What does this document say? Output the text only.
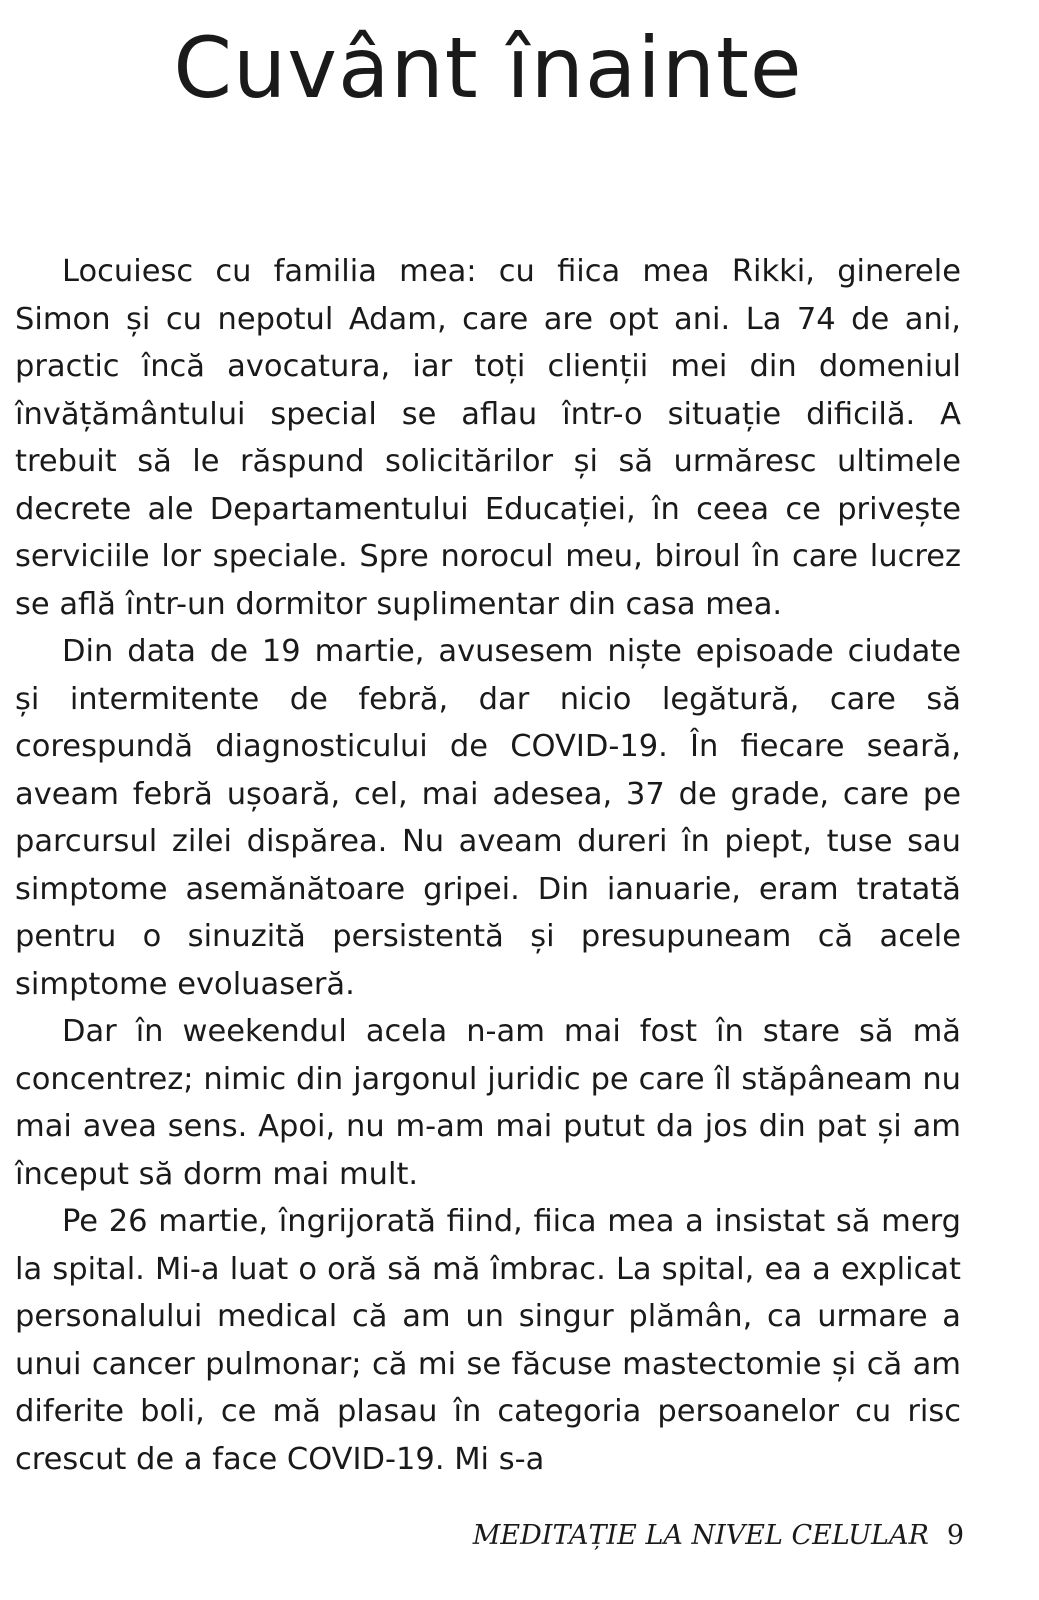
Cuvânt înainte

Locuiesc cu familia mea: cu fiica mea Rikki, ginerele Simon și cu nepotul Adam, care are opt ani. La 74 de ani, practic încă avocatura, iar toți clienții mei din domeniul învățământului special se aflau într-o situație dificilă. A trebuit să le răspund solicitărilor și să urmăresc ultimele decrete ale Departamentului Educației, în ceea ce privește serviciile lor speciale. Spre norocul meu, biroul în care lucrez se află într-un dormitor suplimentar din casa mea.

Din data de 19 martie, avusesem niște episoade ciudate și intermitente de febră, dar nicio legătură, care să corespundă diagnosticului de COVID-19. În fiecare seară, aveam febră ușoară, cel, mai adesea, 37 de grade, care pe parcursul zilei dispărea. Nu aveam dureri în piept, tuse sau simptome asemănătoare gripei. Din ianuarie, eram tratată pentru o sinuzită persistentă și presupuneam că acele simptome evoluaseră.

Dar în weekendul acela n-am mai fost în stare să mă concentrez; nimic din jargonul juridic pe care îl stăpâneam nu mai avea sens. Apoi, nu m-am mai putut da jos din pat și am început să dorm mai mult.

Pe 26 martie, îngrijorată fiind, fiica mea a insistat să merg la spital. Mi-a luat o oră să mă îmbrac. La spital, ea a explicat personalului medical că am un singur plămân, ca urmare a unui cancer pulmonar; că mi se făcuse mastectomie și că am diferite boli, ce mă plasau în categoria persoanelor cu risc crescut de a face COVID-19. Mi s-a

MEDITAȚIE LA NIVEL CELULAR 9
